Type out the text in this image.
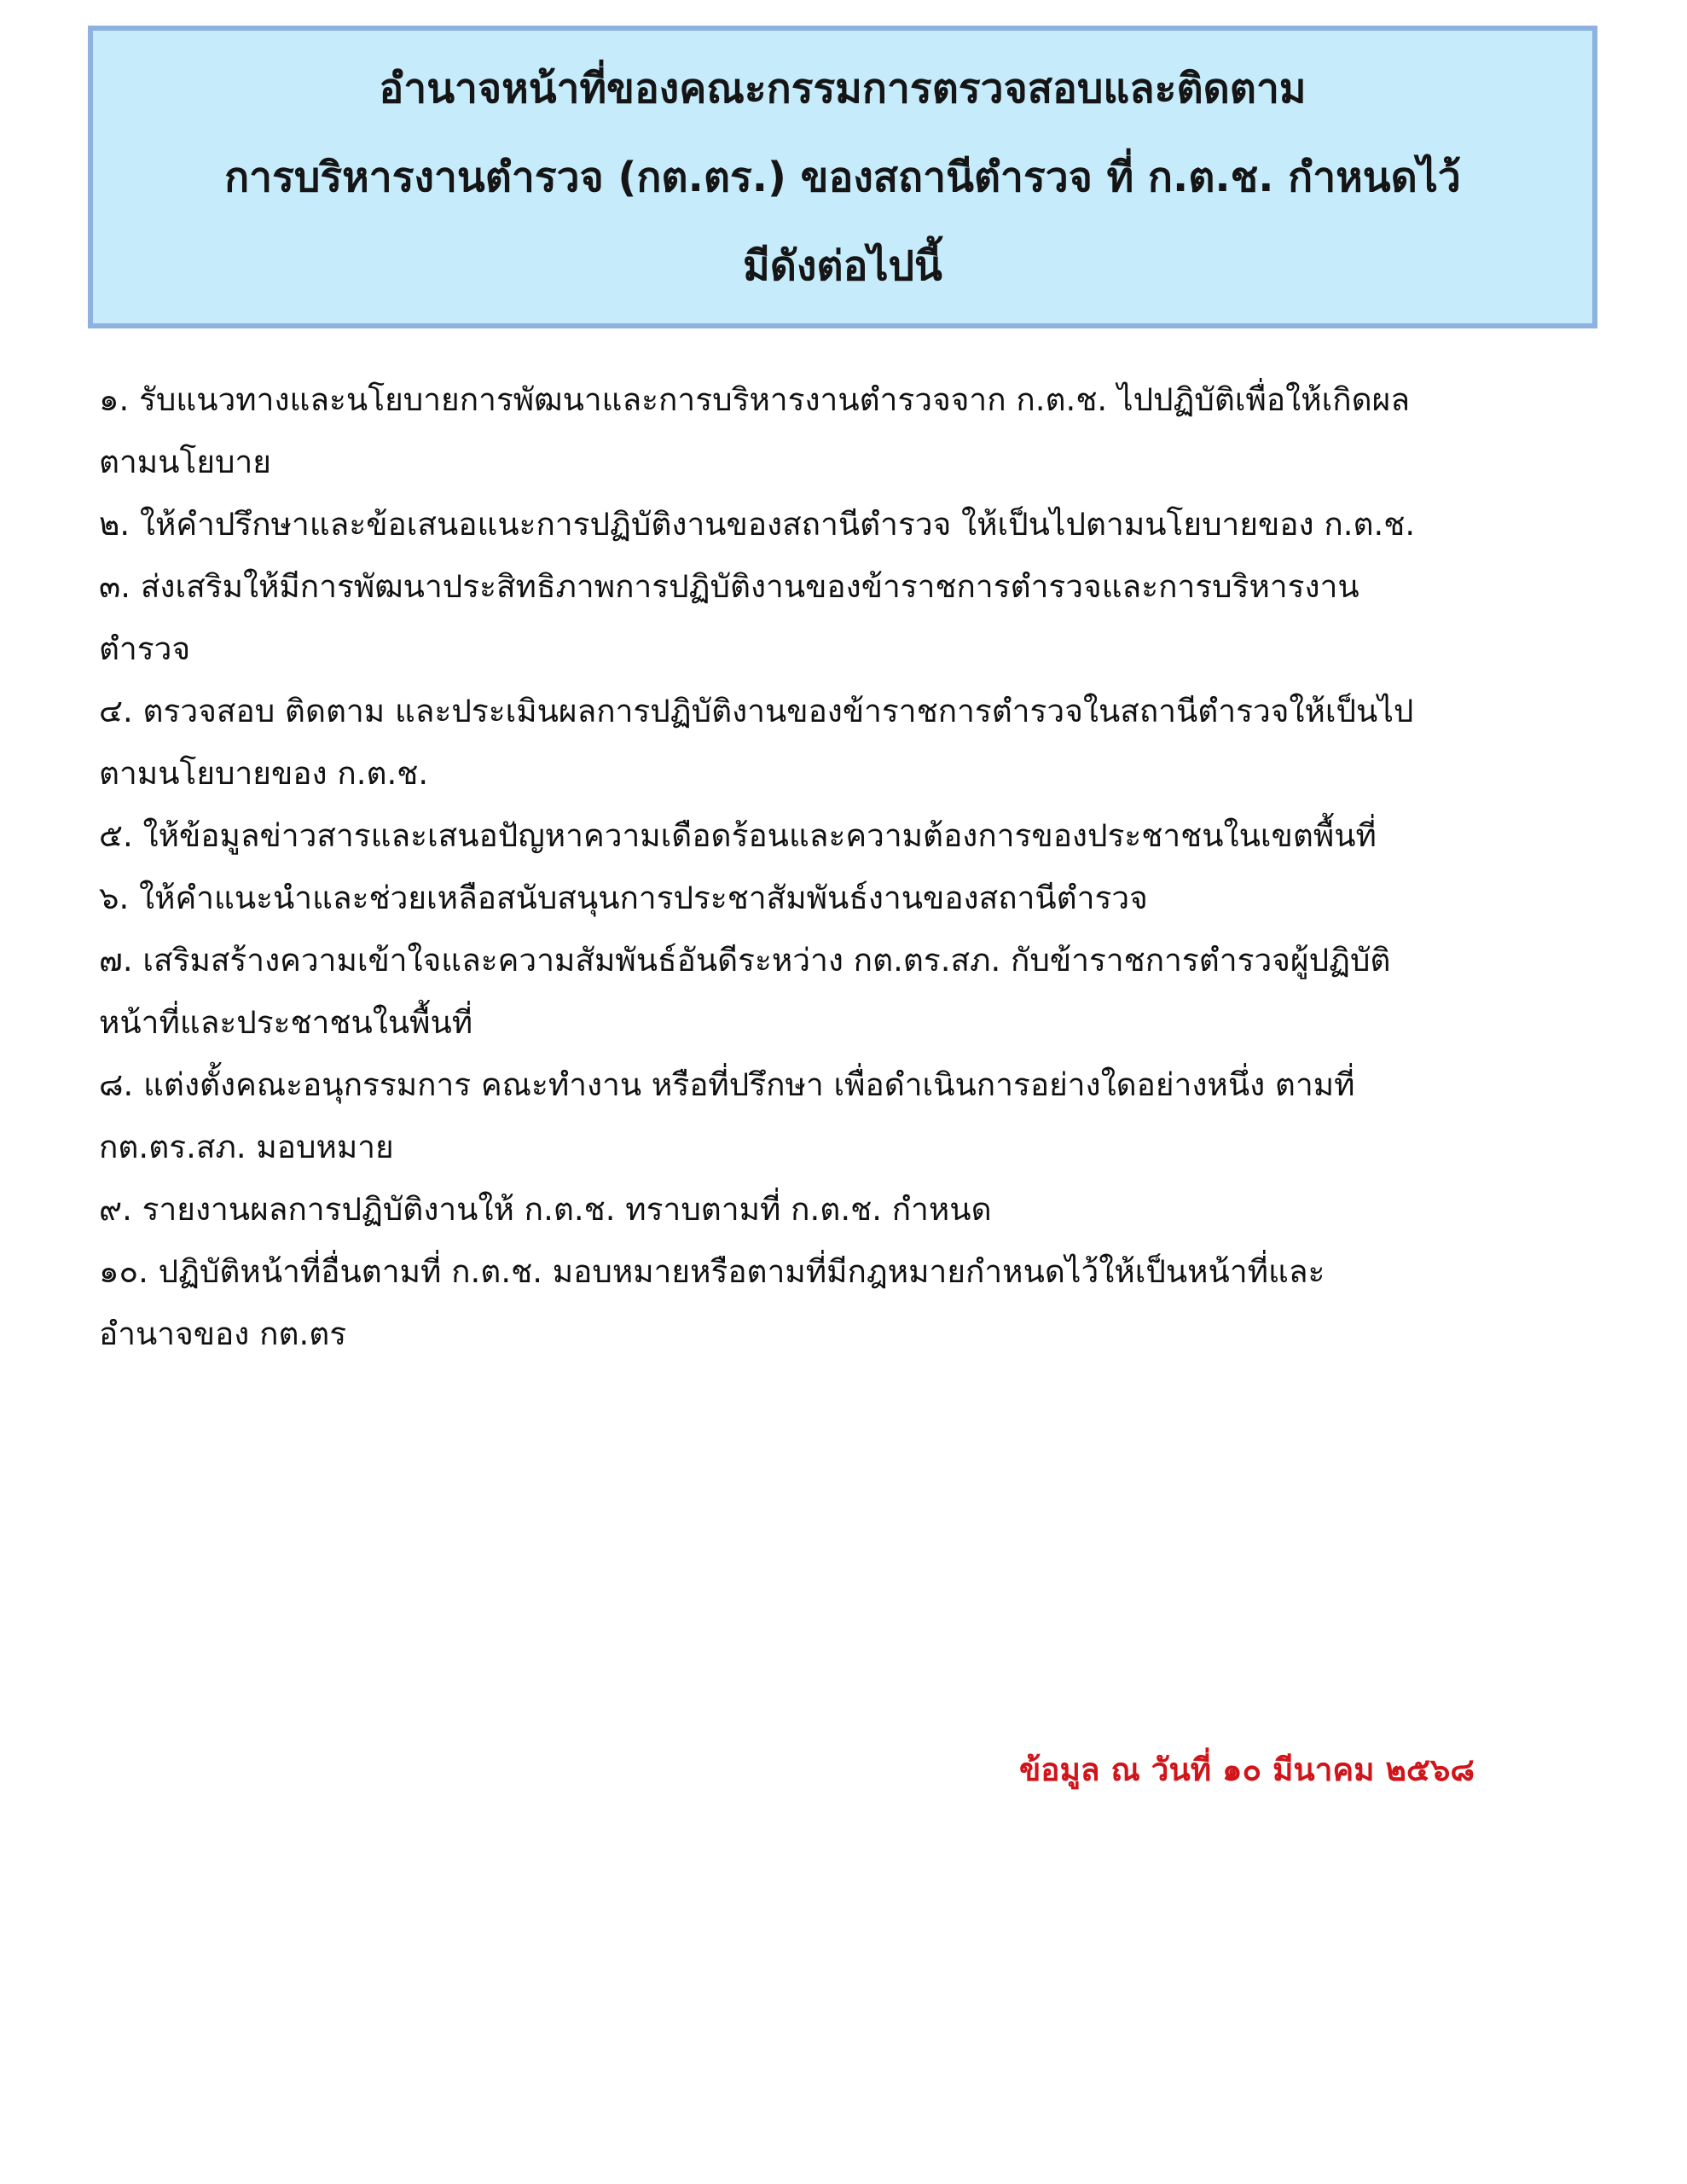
อำนาจหน้าที่ของคณะกรรมการตรวจสอบและติดตาม
การบริหารงานตำรวจ (กต.ตร.) ของสถานีตำรวจ ที่ ก.ต.ช. กำหนดไว้
มีดังต่อไปนี้
๑. รับแนวทางและนโยบายการพัฒนาและการบริหารงานตำรวจจาก ก.ต.ช. ไปปฏิบัติเพื่อให้เกิดผล
ตามนโยบาย
๒. ให้คำปรึกษาและข้อเสนอแนะการปฏิบัติงานของสถานีตำรวจ ให้เป็นไปตามนโยบายของ ก.ต.ช.
๓. ส่งเสริมให้มีการพัฒนาประสิทธิภาพการปฏิบัติงานของข้าราชการตำรวจและการบริหารงาน
ตำรวจ
๔. ตรวจสอบ ติดตาม และประเมินผลการปฏิบัติงานของข้าราชการตำรวจในสถานีตำรวจให้เป็นไป
ตามนโยบายของ ก.ต.ช.
๕. ให้ข้อมูลข่าวสารและเสนอปัญหาความเดือดร้อนและความต้องการของประชาชนในเขตพื้นที่
๖. ให้คำแนะนำและช่วยเหลือสนับสนุนการประชาสัมพันธ์งานของสถานีตำรวจ
๗. เสริมสร้างความเข้าใจและความสัมพันธ์อันดีระหว่าง กต.ตร.สภ. กับข้าราชการตำรวจผู้ปฏิบัติ
หน้าที่และประชาชนในพื้นที่
๘. แต่งตั้งคณะอนุกรรมการ คณะทำงาน หรือที่ปรึกษา เพื่อดำเนินการอย่างใดอย่างหนึ่ง ตามที่
กต.ตร.สภ. มอบหมาย
๙. รายงานผลการปฏิบัติงานให้ ก.ต.ช. ทราบตามที่ ก.ต.ช. กำหนด
๑๐. ปฏิบัติหน้าที่อื่นตามที่ ก.ต.ช. มอบหมายหรือตามที่มีกฎหมายกำหนดไว้ให้เป็นหน้าที่และ
อำนาจของ กต.ตร
ข้อมูล ณ วันที่ ๑๐ มีนาคม ๒๕๖๘
